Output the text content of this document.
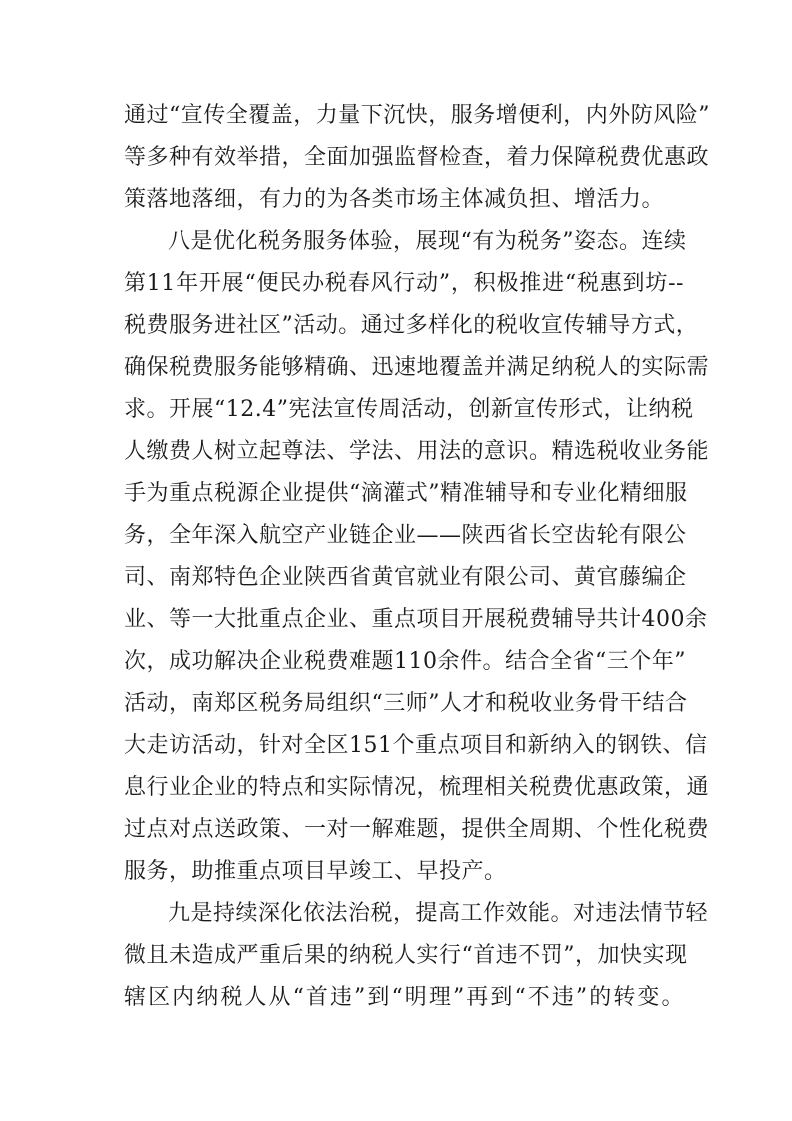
通过“宣传全覆盖，力量下沉快，服务增便利，内外防风险”

等多种有效举措，全面加强监督检查，着力保障税费优惠政

策落地落细，有力的为各类市场主体减负担、增活力。

八是优化税务服务体验，展现“有为税务”姿态。连续

第11年开展“便民办税春风行动”，积极推进“税惠到坊--

税费服务进社区”活动。通过多样化的税收宣传辅导方式，

确保税费服务能够精确、迅速地覆盖并满足纳税人的实际需

求。开展“12.4”宪法宣传周活动，创新宣传形式，让纳税

人缴费人树立起尊法、学法、用法的意识。精选税收业务能

手为重点税源企业提供“滴灌式”精准辅导和专业化精细服

务，全年深入航空产业链企业——陕西省长空齿轮有限公

司、南郑特色企业陕西省黄官就业有限公司、黄官藤编企

业、等一大批重点企业、重点项目开展税费辅导共计400余

次，成功解决企业税费难题110余件。结合全省“三个年”

活动，南郑区税务局组织“三师”人才和税收业务骨干结合

大走访活动，针对全区151个重点项目和新纳入的钢铁、信

息行业企业的特点和实际情况，梳理相关税费优惠政策，通

过点对点送政策、一对一解难题，提供全周期、个性化税费

服务，助推重点项目早竣工、早投产。

九是持续深化依法治税，提高工作效能。对违法情节轻

微且未造成严重后果的纳税人实行“首违不罚”，加快实现

辖区内纳税人从“首违”到“明理”再到“不违”的转变。
